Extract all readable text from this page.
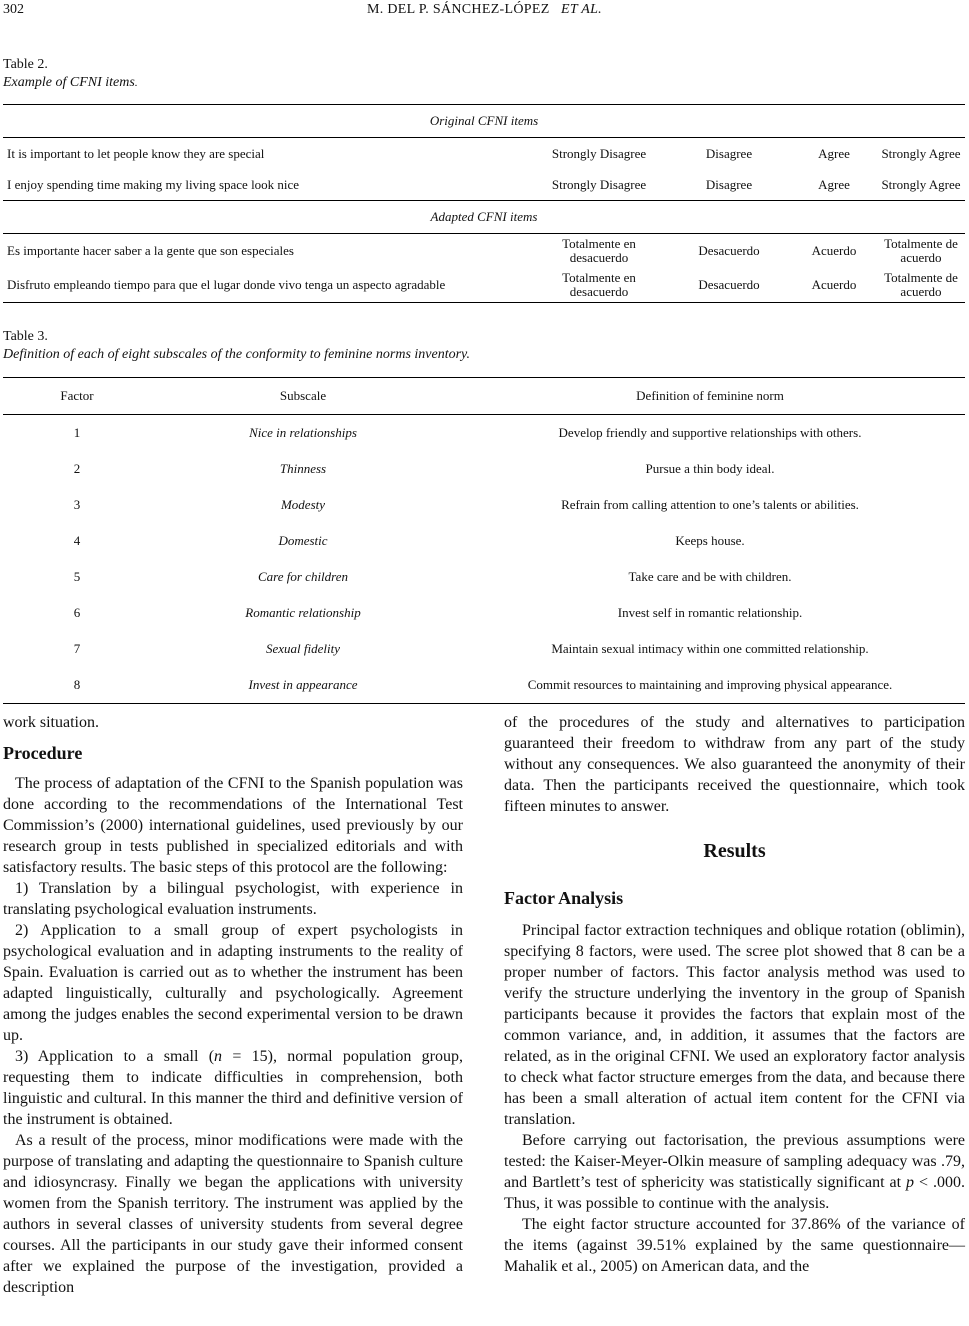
302	M. DEL P. SÁNCHEZ-LÓPEZ ET AL.
Table 2.
Example of CFNI items.
Original CFNI items				
It is important to let people know they are special	Strongly Disagree	Disagree	Agree	Strongly Agree
I enjoy spending time making my living space look nice	Strongly Disagree	Disagree	Agree	Strongly Agree
Adapted CFNI items				
Es importante hacer saber a la gente que son especiales	Totalmente en desacuerdo	Desacuerdo	Acuerdo	Totalmente de acuerdo
Disfruto empleando tiempo para que el lugar donde vivo tenga un aspecto agradable	Totalmente en desacuerdo	Desacuerdo	Acuerdo	Totalmente de acuerdo
Table 3.
Definition of each of eight subscales of the conformity to feminine norms inventory.
Factor	Subscale	Definition of feminine norm
1	Nice in relationships	Develop friendly and supportive relationships with others.
2	Thinness	Pursue a thin body ideal.
3	Modesty	Refrain from calling attention to one’s talents or abilities.
4	Domestic	Keeps house.
5	Care for children	Take care and be with children.
6	Romantic relationship	Invest self in romantic relationship.
7	Sexual fidelity	Maintain sexual intimacy within one committed relationship.
8	Invest in appearance	Commit resources to maintaining and improving physical appearance.

work situation.

Procedure

The process of adaptation of the CFNI to the Spanish population was done according to the recommendations of the International Test Commission’s (2000) international guidelines, used previously by our research group in tests published in specialized editorials and with satisfactory results. The basic steps of this protocol are the following:

1) Translation by a bilingual psychologist, with experience in translating psychological evaluation instruments.

2) Application to a small group of expert psychologists in psychological evaluation and in adapting instruments to the reality of Spain. Evaluation is carried out as to whether the instrument has been adapted linguistically, culturally and psychologically. Agreement among the judges enables the second experimental version to be drawn up.

3) Application to a small (n = 15), normal population group, requesting them to indicate difficulties in comprehension, both linguistic and cultural. In this manner the third and definitive version of the instrument is obtained.

As a result of the process, minor modifications were made with the purpose of translating and adapting the questionnaire to Spanish culture and idiosyncrasy. Finally we began the applications with university women from the Spanish territory. The instrument was applied by the authors in several classes of university students from several degree courses. All the participants in our study gave their informed consent after we explained the purpose of the investigation, provided a description

of the procedures of the study and alternatives to participation guaranteed their freedom to withdraw from any part of the study without any consequences. We also guaranteed the anonymity of their data. Then the participants received the questionnaire, which took fifteen minutes to answer.

Results
Factor Analysis

Principal factor extraction techniques and oblique rotation (oblimin), specifying 8 factors, were used. The scree plot showed that 8 can be a proper number of factors. This factor analysis method was used to verify the structure underlying the inventory in the group of Spanish participants because it provides the factors that explain most of the common variance, and, in addition, it assumes that the factors are related, as in the original CFNI. We used an exploratory factor analysis to check what factor structure emerges from the data, and because there has been a small alteration of actual item content for the CFNI via translation.

Before carrying out factorisation, the previous assumptions were tested: the Kaiser-Meyer-Olkin measure of sampling adequacy was .79, and Bartlett’s test of sphericity was statistically significant at p < .000. Thus, it was possible to continue with the analysis.

The eight factor structure accounted for 37.86% of the variance of the items (against 39.51% explained by the same questionnaire—Mahalik et al., 2005) on American data, and the
